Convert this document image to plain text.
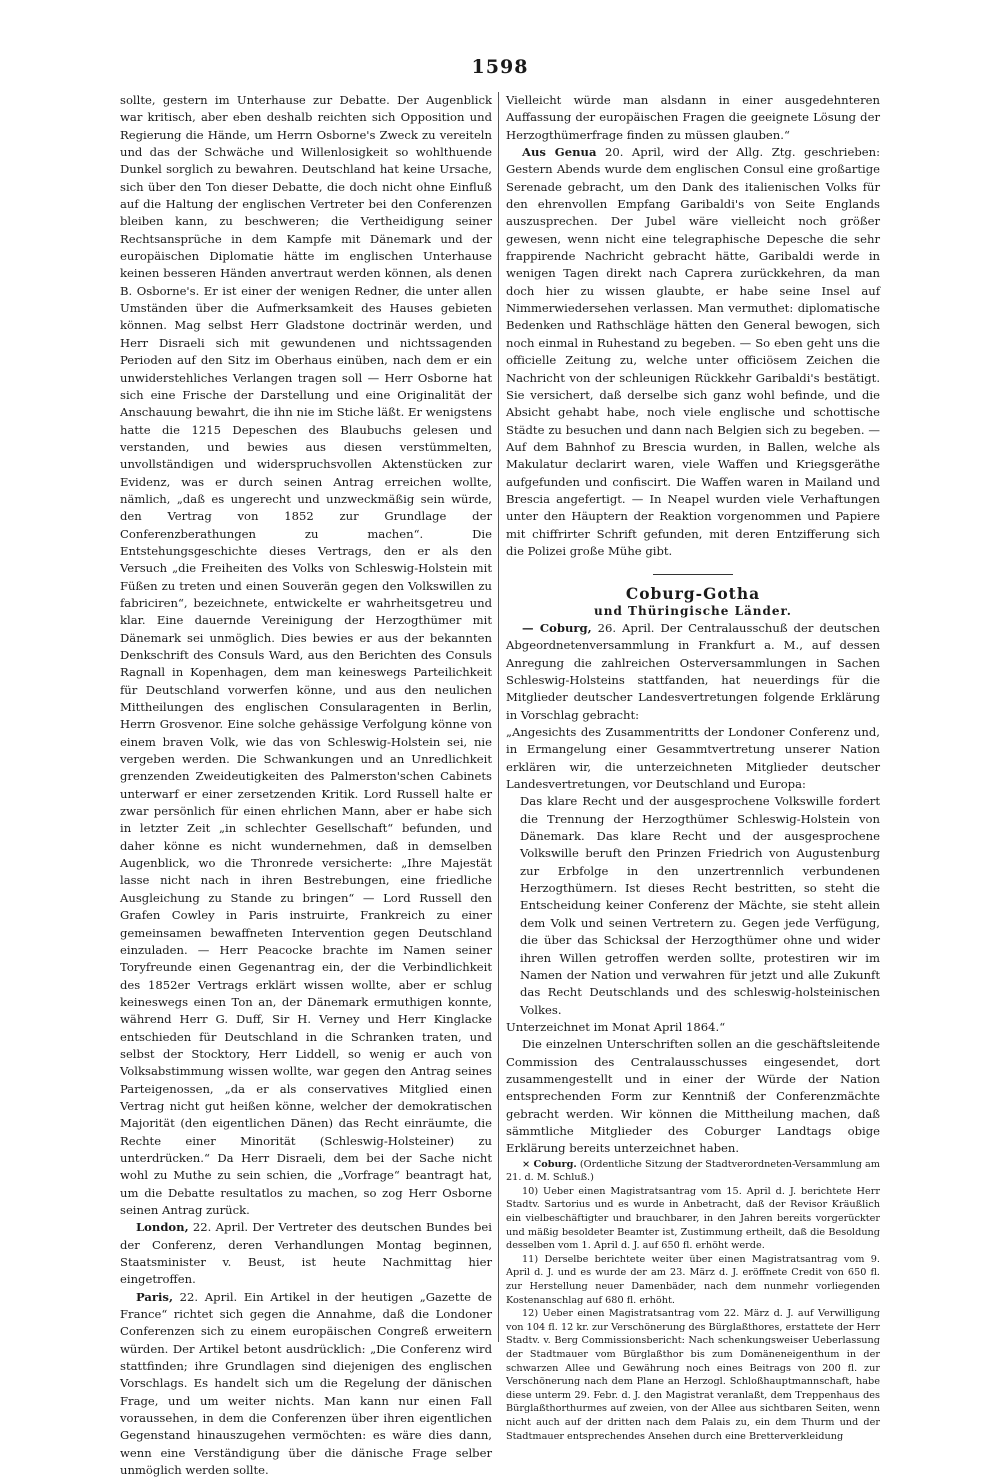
1598

sollte, gestern im Unterhause zur Debatte. Der Augenblick war kritisch, aber eben deshalb reichten sich Opposition und Regierung die Hände, um Herrn Osborne's Zweck zu vereiteln und das der Schwäche und Willenlosigkeit so wohlthuende Dunkel sorglich zu bewahren. Deutschland hat keine Ursache, sich über den Ton dieser Debatte, die doch nicht ohne Einfluß auf die Haltung der englischen Vertreter bei den Conferenzen bleiben kann, zu beschweren; die Vertheidigung seiner Rechtsansprüche in dem Kampfe mit Dänemark und der europäischen Diplomatie hätte im englischen Unterhause keinen besseren Händen anvertraut werden können, als denen B. Osborne's. Er ist einer der wenigen Redner, die unter allen Umständen über die Aufmerksamkeit des Hauses gebieten können. Mag selbst Herr Gladstone doctrinär werden, und Herr Disraeli sich mit gewundenen und nichtssagenden Perioden auf den Sitz im Oberhaus einüben, nach dem er ein unwiderstehliches Verlangen tragen soll — Herr Osborne hat sich eine Frische der Darstellung und eine Originalität der Anschauung bewahrt, die ihn nie im Stiche läßt. Er wenigstens hatte die 1215 Depeschen des Blaubuchs gelesen und verstanden, und bewies aus diesen verstümmelten, unvollständigen und widerspruchsvollen Aktenstücken zur Evidenz, was er durch seinen Antrag erreichen wollte, nämlich, „daß es ungerecht und unzweckmäßig sein würde, den Vertrag von 1852 zur Grundlage der Conferenzberathungen zu machen“. Die Entstehungsgeschichte dieses Vertrags, den er als den Versuch „die Freiheiten des Volks von Schleswig-Holstein mit Füßen zu treten und einen Souverän gegen den Volkswillen zu fabriciren“, bezeichnete, entwickelte er wahrheitsgetreu und klar. Eine dauernde Vereinigung der Herzogthümer mit Dänemark sei unmöglich. Dies bewies er aus der bekannten Denkschrift des Consuls Ward, aus den Berichten des Consuls Ragnall in Kopenhagen, dem man keineswegs Parteilichkeit für Deutschland vorwerfen könne, und aus den neulichen Mittheilungen des englischen Consularagenten in Berlin, Herrn Grosvenor. Eine solche gehässige Verfolgung könne von einem braven Volk, wie das von Schleswig-Holstein sei, nie vergeben werden. Die Schwankungen und an Unredlichkeit grenzenden Zweideutigkeiten des Palmerston'schen Cabinets unterwarf er einer zersetzenden Kritik. Lord Russell halte er zwar persönlich für einen ehrlichen Mann, aber er habe sich in letzter Zeit „in schlechter Gesellschaft“ befunden, und daher könne es nicht wundernehmen, daß in demselben Augenblick, wo die Thronrede versicherte: „Ihre Majestät lasse nicht nach in ihren Bestrebungen, eine friedliche Ausgleichung zu Stande zu bringen“ — Lord Russell den Grafen Cowley in Paris instruirte, Frankreich zu einer gemeinsamen bewaffneten Intervention gegen Deutschland einzuladen. — Herr Peacocke brachte im Namen seiner Toryfreunde einen Gegenantrag ein, der die Verbindlichkeit des 1852er Vertrags erklärt wissen wollte, aber er schlug keineswegs einen Ton an, der Dänemark ermuthigen konnte, während Herr G. Duff, Sir H. Verney und Herr Kinglacke entschieden für Deutschland in die Schranken traten, und selbst der Stocktory, Herr Liddell, so wenig er auch von Volksabstimmung wissen wollte, war gegen den Antrag seines Parteigenossen, „da er als conservatives Mitglied einen Vertrag nicht gut heißen könne, welcher der demokratischen Majorität (den eigentlichen Dänen) das Recht einräumte, die Rechte einer Minorität (Schleswig-Holsteiner) zu unterdrücken.“ Da Herr Disraeli, dem bei der Sache nicht wohl zu Muthe zu sein schien, die „Vorfrage“ beantragt hat, um die Debatte resultatlos zu machen, so zog Herr Osborne seinen Antrag zurück.

London, 22. April. Der Vertreter des deutschen Bundes bei der Conferenz, deren Verhandlungen Montag beginnen, Staatsminister v. Beust, ist heute Nachmittag hier eingetroffen.

Paris, 22. April. Ein Artikel in der heutigen „Gazette de France“ richtet sich gegen die Annahme, daß die Londoner Conferenzen sich zu einem europäischen Congreß erweitern würden. Der Artikel betont ausdrücklich: „Die Conferenz wird stattfinden; ihre Grundlagen sind diejenigen des englischen Vorschlags. Es handelt sich um die Regelung der dänischen Frage, und um weiter nichts. Man kann nur einen Fall voraussehen, in dem die Conferenzen über ihren eigentlichen Gegenstand hinauszugehen vermöchten: es wäre dies dann, wenn eine Verständigung über die dänische Frage selber unmöglich werden sollte.

Vielleicht würde man alsdann in einer ausgedehnteren Auffassung der europäischen Fragen die geeignete Lösung der Herzogthümerfrage finden zu müssen glauben.“

Aus Genua 20. April, wird der Allg. Ztg. geschrieben: Gestern Abends wurde dem englischen Consul eine großartige Serenade gebracht, um den Dank des italienischen Volks für den ehrenvollen Empfang Garibaldi's von Seite Englands auszusprechen. Der Jubel wäre vielleicht noch größer gewesen, wenn nicht eine telegraphische Depesche die sehr frappirende Nachricht gebracht hätte, Garibaldi werde in wenigen Tagen direkt nach Caprera zurückkehren, da man doch hier zu wissen glaubte, er habe seine Insel auf Nimmerwiedersehen verlassen. Man vermuthet: diplomatische Bedenken und Rathschläge hätten den General bewogen, sich noch einmal in Ruhestand zu begeben. — So eben geht uns die officielle Zeitung zu, welche unter officiösem Zeichen die Nachricht von der schleunigen Rückkehr Garibaldi's bestätigt. Sie versichert, daß derselbe sich ganz wohl befinde, und die Absicht gehabt habe, noch viele englische und schottische Städte zu besuchen und dann nach Belgien sich zu begeben. — Auf dem Bahnhof zu Brescia wurden, in Ballen, welche als Makulatur declarirt waren, viele Waffen und Kriegsgeräthe aufgefunden und confiscirt. Die Waffen waren in Mailand und Brescia angefertigt. — In Neapel wurden viele Verhaftungen unter den Häuptern der Reaktion vorgenommen und Papiere mit chiffrirter Schrift gefunden, mit deren Entzifferung sich die Polizei große Mühe gibt.

Coburg-Gotha

und Thüringische Länder.

— Coburg, 26. April. Der Centralausschuß der deutschen Abgeordnetenversammlung in Frankfurt a. M., auf dessen Anregung die zahlreichen Osterversammlungen in Sachen Schleswig-Holsteins stattfanden, hat neuerdings für die Mitglieder deutscher Landesvertretungen folgende Erklärung in Vorschlag gebracht:

„Angesichts des Zusammentritts der Londoner Conferenz und, in Ermangelung einer Gesammtvertretung unserer Nation erklären wir, die unterzeichneten Mitglieder deutscher Landesvertretungen, vor Deutschland und Europa:

Das klare Recht und der ausgesprochene Volkswille fordert die Trennung der Herzogthümer Schleswig-Holstein von Dänemark. Das klare Recht und der ausgesprochene Volkswille beruft den Prinzen Friedrich von Augustenburg zur Erbfolge in den unzertrennlich verbundenen Herzogthümern. Ist dieses Recht bestritten, so steht die Entscheidung keiner Conferenz der Mächte, sie steht allein dem Volk und seinen Vertretern zu. Gegen jede Verfügung, die über das Schicksal der Herzogthümer ohne und wider ihren Willen getroffen werden sollte, protestiren wir im Namen der Nation und verwahren für jetzt und alle Zukunft das Recht Deutschlands und des schleswig-holsteinischen Volkes.

Unterzeichnet im Monat April 1864.“

Die einzelnen Unterschriften sollen an die geschäftsleitende Commission des Centralausschusses eingesendet, dort zusammengestellt und in einer der Würde der Nation entsprechenden Form zur Kenntniß der Conferenzmächte gebracht werden. Wir können die Mittheilung machen, daß sämmtliche Mitglieder des Coburger Landtags obige Erklärung bereits unterzeichnet haben.

× Coburg. (Ordentliche Sitzung der Stadtverordneten-Versammlung am 21. d. M. Schluß.)

10) Ueber einen Magistratsantrag vom 15. April d. J. berichtete Herr Stadtv. Sartorius und es wurde in Anbetracht, daß der Revisor Kräußlich ein vielbeschäftigter und brauchbarer, in den Jahren bereits vorgerückter und mäßig besoldeter Beamter ist, Zustimmung ertheilt, daß die Besoldung desselben vom 1. April d. J. auf 650 fl. erhöht werde.

11) Derselbe berichtete weiter über einen Magistratsantrag vom 9. April d. J. und es wurde der am 23. März d. J. eröffnete Credit von 650 fl. zur Herstellung neuer Damenbäder, nach dem nunmehr vorliegenden Kostenanschlag auf 680 fl. erhöht.

12) Ueber einen Magistratsantrag vom 22. März d. J. auf Verwilligung von 104 fl. 12 kr. zur Verschönerung des Bürglaßthores, erstattete der Herr Stadtv. v. Berg Commissionsbericht: Nach schenkungsweiser Ueberlassung der Stadtmauer vom Bürglaßthor bis zum Domäneneigenthum in der schwarzen Allee und Gewährung noch eines Beitrags von 200 fl. zur Verschönerung nach dem Plane an Herzogl. Schloßhauptmannschaft, habe diese unterm 29. Febr. d. J. den Magistrat veranlaßt, dem Treppenhaus des Bürglaßthorthurmes auf zweien, von der Allee aus sichtbaren Seiten, wenn nicht auch auf der dritten nach dem Palais zu, ein dem Thurm und der Stadtmauer entsprechendes Ansehen durch eine Bretterverkleidung
